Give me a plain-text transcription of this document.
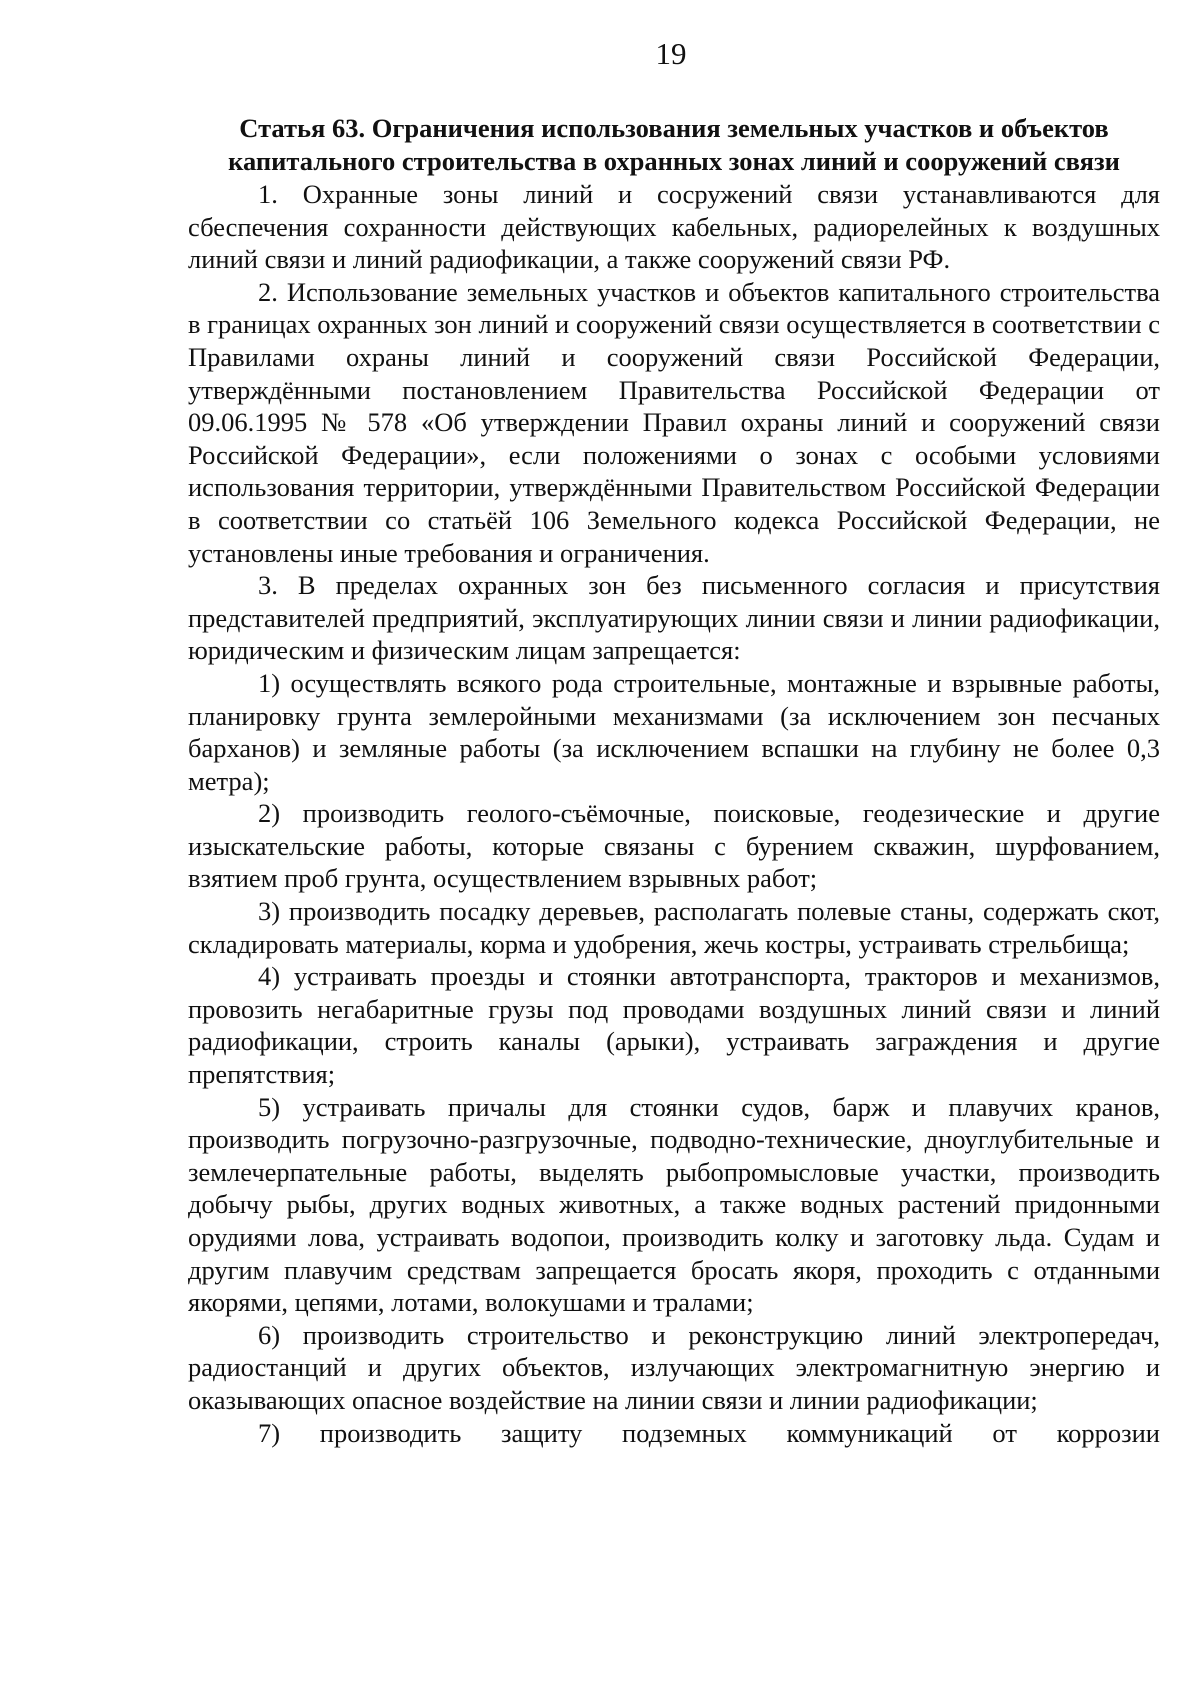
19

Статья 63. Ограничения использования земельных участков и объектов
капитального строительства в охранных зонах линий и сооружений связи

1. Охранные зоны линий и сосружений связи устанавливаются для сбеспечения сохранности действующих кабельных, радиорелейных к воздушных линий связи и линий радиофикации, а также сооружений связи РФ.

2. Использование земельных участков и объектов капитального строительства в границах охранных зон линий и сооружений связи осуществляется в соответствии с Правилами охраны линий и сооружений связи Российской Федерации, утверждёнными постановлением Правительства Российской Федерации от 09.06.1995 № 578 «Об утверждении Правил охраны линий и сооружений связи Российской Федерации», если положениями о зонах с особыми условиями использования территории, утверждёнными Правительством Российской Федерации в соответствии со статьёй 106 Земельного кодекса Российской Федерации, не установлены иные требования и ограничения.

3. В пределах охранных зон без письменного согласия и присутствия представителей предприятий, эксплуатирующих линии связи и линии радиофикации, юридическим и физическим лицам запрещается:

1) осуществлять всякого рода строительные, монтажные и взрывные работы, планировку грунта землеройными механизмами (за исключением зон песчаных барханов) и земляные работы (за исключением вспашки на глубину не более 0,3 метра);

2) производить геолого-съёмочные, поисковые, геодезические и другие изыскательские работы, которые связаны с бурением скважин, шурфованием, взятием проб грунта, осуществлением взрывных работ;

3) производить посадку деревьев, располагать полевые станы, содержать скот, складировать материалы, корма и удобрения, жечь костры, устраивать стрельбища;

4) устраивать проезды и стоянки автотранспорта, тракторов и механизмов, провозить негабаритные грузы под проводами воздушных линий связи и линий радиофикации, строить каналы (арыки), устраивать заграждения и другие препятствия;

5) устраивать причалы для стоянки судов, барж и плавучих кранов, производить погрузочно-разгрузочные, подводно-технические, дноуглубительные и землечерпательные работы, выделять рыбопромысловые участки, производить добычу рыбы, других водных животных, а также водных растений придонными орудиями лова, устраивать водопои, производить колку и заготовку льда. Судам и другим плавучим средствам запрещается бросать якоря, проходить с отданными якорями, цепями, лотами, волокушами и тралами;

6) производить строительство и реконструкцию линий электропередач, радиостанций и других объектов, излучающих электромагнитную энергию и оказывающих опасное воздействие на линии связи и линии радиофикации;

7) производить защиту подземных коммуникаций от коррозии
